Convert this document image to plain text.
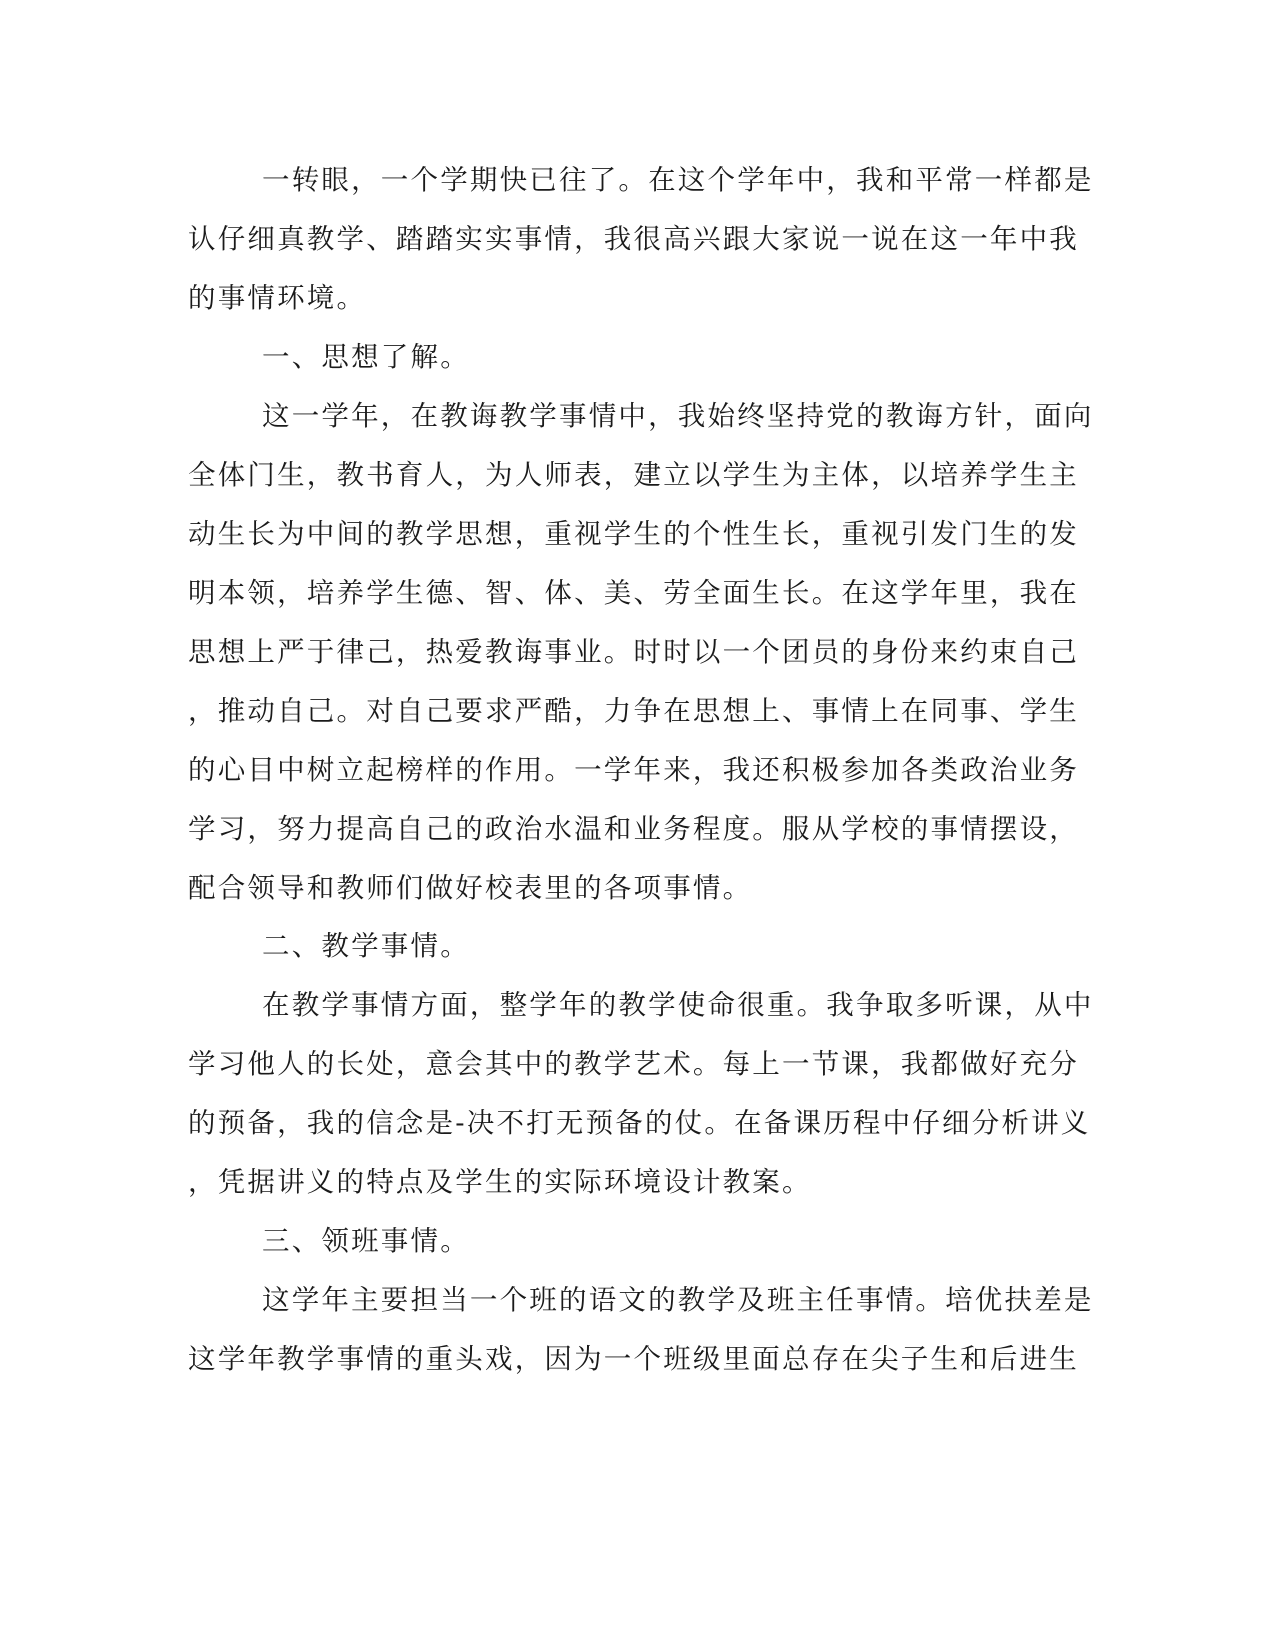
一转眼，一个学期快已往了。在这个学年中，我和平常一样都是
认仔细真教学、踏踏实实事情，我很高兴跟大家说一说在这一年中我
的事情环境。
一、思想了解。
这一学年，在教诲教学事情中，我始终坚持党的教诲方针，面向
全体门生，教书育人，为人师表，建立以学生为主体，以培养学生主
动生长为中间的教学思想，重视学生的个性生长，重视引发门生的发
明本领，培养学生德、智、体、美、劳全面生长。在这学年里，我在
思想上严于律己，热爱教诲事业。时时以一个团员的身份来约束自己
，推动自己。对自己要求严酷，力争在思想上、事情上在同事、学生
的心目中树立起榜样的作用。一学年来，我还积极参加各类政治业务
学习，努力提高自己的政治水温和业务程度。服从学校的事情摆设，
配合领导和教师们做好校表里的各项事情。
二、教学事情。
在教学事情方面，整学年的教学使命很重。我争取多听课，从中
学习他人的长处，意会其中的教学艺术。每上一节课，我都做好充分
的预备，我的信念是-决不打无预备的仗。在备课历程中仔细分析讲义
，凭据讲义的特点及学生的实际环境设计教案。
三、领班事情。
这学年主要担当一个班的语文的教学及班主任事情。培优扶差是
这学年教学事情的重头戏，因为一个班级里面总存在尖子生和后进生
